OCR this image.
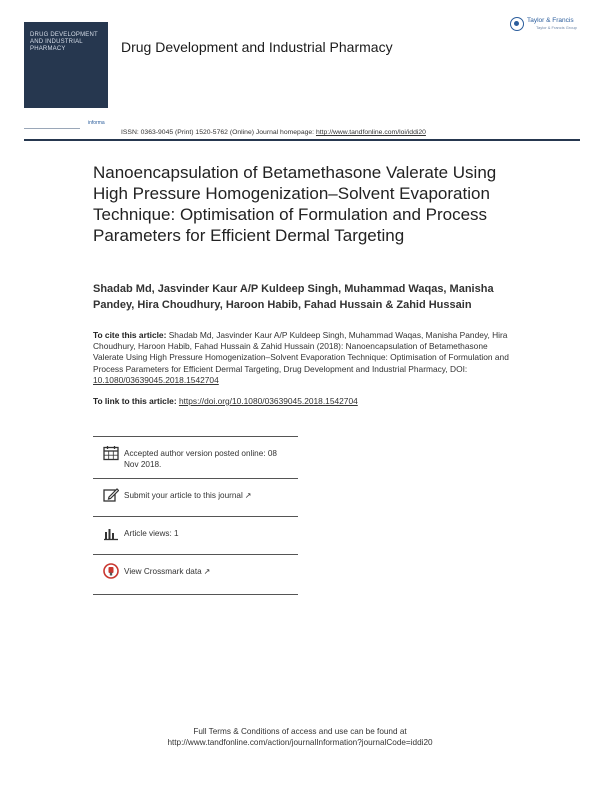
DRUG DEVELOPMENT
AND INDUSTRIAL
PHARMACY	Drug Development and Industrial Pharmacy
Taylor & Francis
Taylor & Francis Group
informa
ISSN: 0363-9045 (Print) 1520-5762 (Online) Journal homepage: http://www.tandfonline.com/loi/iddi20
Nanoencapsulation of Betamethasone Valerate Using High Pressure Homogenization–Solvent Evaporation Technique: Optimisation of Formulation and Process Parameters for Efficient Dermal Targeting
Shadab Md, Jasvinder Kaur A/P Kuldeep Singh, Muhammad Waqas, Manisha Pandey, Hira Choudhury, Haroon Habib, Fahad Hussain & Zahid Hussain
To cite this article: Shadab Md, Jasvinder Kaur A/P Kuldeep Singh, Muhammad Waqas, Manisha Pandey, Hira Choudhury, Haroon Habib, Fahad Hussain & Zahid Hussain (2018): Nanoencapsulation of Betamethasone Valerate Using High Pressure Homogenization–Solvent Evaporation Technique: Optimisation of Formulation and Process Parameters for Efficient Dermal Targeting, Drug Development and Industrial Pharmacy, DOI: 10.1080/03639045.2018.1542704
To link to this article: https://doi.org/10.1080/03639045.2018.1542704
Accepted author version posted online: 08 Nov 2018.
Submit your article to this journal ↗
Article views: 1
View Crossmark data ↗
Full Terms & Conditions of access and use can be found at
http://www.tandfonline.com/action/journalInformation?journalCode=iddi20
